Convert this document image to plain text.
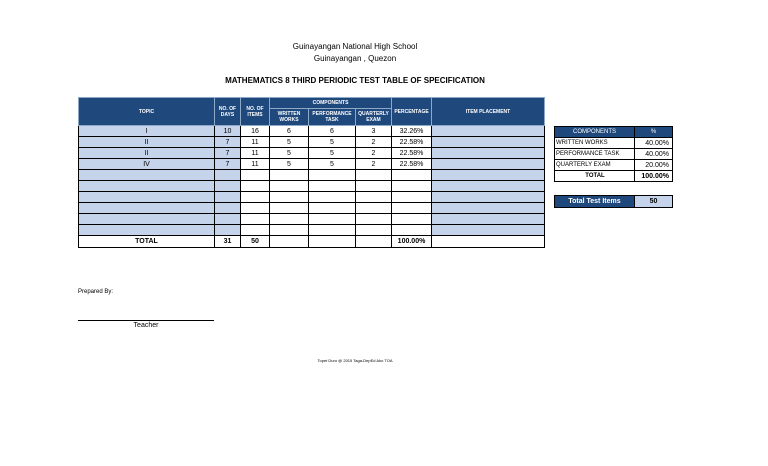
Guinayangan National High School
Guinayangan , Quezon
MATHEMATICS 8 THIRD PERIODIC TEST TABLE OF SPECIFICATION
TOPIC	NO. OF DAYS	NO. OF ITEMS	COMPONENTS			PERCENTAGE	ITEM PLACEMENT
			WRITTEN WORKS	PERFORMANCE TASK	QUARTERLY EXAM		
I	10	16	6	6	3	32.26%	
II	7	11	5	5	2	22.58%	
II	7	11	5	5	2	22.58%	
IV	7	11	5	5	2	22.58%	

TOTAL	31	50				100.00%	
COMPONENTS	%
WRITTEN WORKS	40.00%
PERFORMANCE TASK	40.00%
QUARTERLY EXAM	20.00%
TOTAL	100.00%
Total Test Items	50
Prepared By:
Teacher
Topet Duro @ 2015 Taga-DepEd Ako TOA
